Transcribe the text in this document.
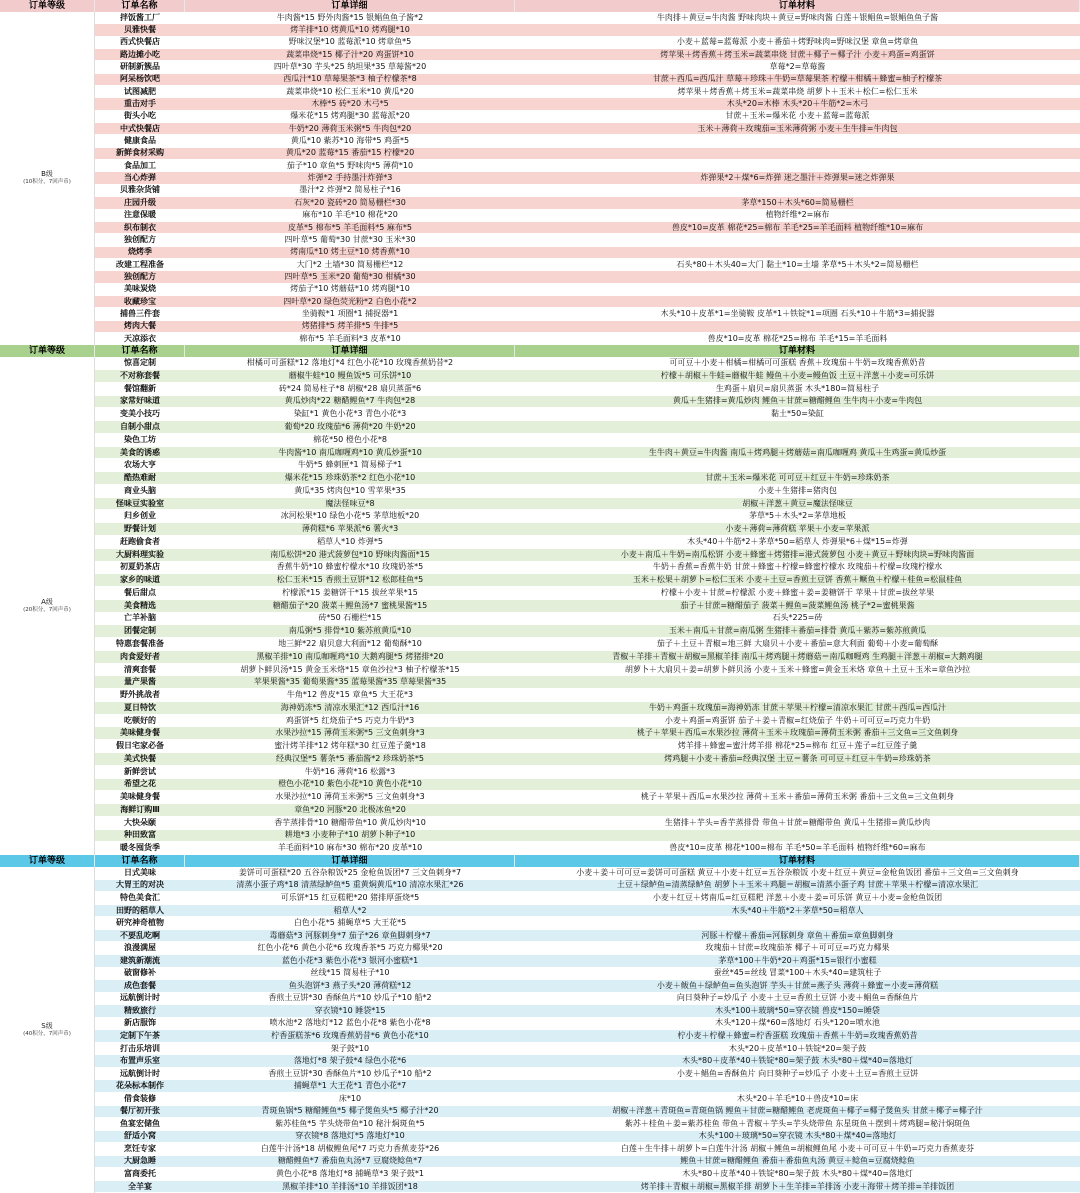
订单等级	订单名称	订单详细	订单材料
B级
(10积分，7回声币)
拌饭酱工厂	牛肉酱*15 野外肉酱*15 银鲳鱼鱼子酱*2	牛肉排＋黄豆=牛肉酱 野味肉块＋黄豆=野味肉酱 白莲＋银鲳鱼=银鲳鱼鱼子酱
贝雅快餐	烤羊排*10 烤黄瓜*10 烤鸡腿*10
西式快餐店	野味汉堡*10 蓝莓派*10 烤章鱼*5	小麦＋蓝莓=蓝莓派 小麦＋番茄＋烤野味肉=野味汉堡 章鱼=烤章鱼
路边摊小吃	蔬菜串烧*15 椰子汁*20 鸡蛋饼*10	烤苹果＋烤香蕉＋烤玉米=蔬菜串烧 甘蔗＋椰子＝椰子汁 小麦＋鸡蛋=鸡蛋饼
研制新簇品	四叶草*30 芋头*25 纳坦果*35 草莓酱*20	草莓*2=草莓酱
阿呆杨饮吧	西瓜汁*10 草莓果茶*3 柚子柠檬茶*8	甘蔗＋西瓜=西瓜汁 草莓＋珍珠＋牛奶=草莓果茶 柠檬＋柑橘＋蜂蜜=柚子柠檬茶
试图减肥	蔬菜串烧*10 松仁玉米*10 黄瓜*20	烤苹果＋烤香蕉＋烤玉米=蔬菜串烧 胡萝卜＋玉米＋松仁=松仁玉米
重击对手	木棒*5 砖*20 木弓*5	木头*20=木棒 木头*20＋牛筋*2=木弓
街头小吃	爆米花*15 烤鸡腿*30 蓝莓派*20	甘蔗＋玉米=爆米花 小麦＋蓝莓=蓝莓派
中式快餐店	牛奶*20 薄荷玉米粥*5 牛肉包*20	玉米＋薄荷＋玫瑰茄=玉米薄荷粥 小麦＋生牛排=牛肉包
健康食品	黄瓜*10 紫苏*10 海带*5 鸡蛋*5
新鲜食材采购	黄瓜*20 蓝莓*15 番茄*15 柠檬*20
食品加工	茄子*10 章鱼*5 野味肉*5 薄荷*10
当心炸弹	炸弹*2 手持墨汁炸弹*3	炸弹果*2＋煤*6=炸弹 迷之墨汁＋炸弹果=迷之炸弹果
贝雅杂货铺	墨汁*2 炸弹*2 简易柱子*16
庄园升级	石灰*20 瓷砖*20 简易栅栏*30	茅草*150＋木头*60=简易栅栏
注意保暖	麻布*10 羊毛*10 棉花*20	植物纤维*2=麻布
织布制衣	皮革*5 棉布*5 羊毛面料*5 麻布*5	兽皮*10=皮革 棉花*25=棉布 羊毛*25=羊毛面料 植物纤维*10=麻布
独创配方	四叶草*5 葡萄*30 甘蔗*30 玉米*30
烧烤季	烤南瓜*10 烤土豆*10 烤香蕉*10
改建工程准备	大门*2 土墙*30 简易栅栏*12	石头*80＋木头40=大门 黏土*10=土墙 茅草*5＋木头*2=简易栅栏
独创配方	四叶草*5 玉米*20 葡萄*30 柑橘*30
美味炭烧	烤茄子*10 烤蘑菇*10 烤鸡腿*10
收藏珍宝	四叶草*20 绿色荧光粉*2 白色小花*2
捕兽三件套	坐骑鞍*1 项圈*1 捕捉器*1	木头*10＋皮革*1=坐骑鞍 皮革*1＋铁锭*1=项圈 石头*10＋牛筋*3=捕捉器
烤肉大餐	烤猪排*5 烤羊排*5 牛排*5
天凉添衣	棉布*5 羊毛面料*3 皮革*10	兽皮*10=皮革 棉花*25=棉布 羊毛*15=羊毛面料
订单等级	订单名称	订单详细	订单材料
A级
(20积分，7回声币)
惊喜定制	柑橘可可蛋糕*12 落地灯*4 红色小花*10 玫瑰香蕉奶昔*2	可可豆＋小麦＋柑橘=柑橘可可蛋糕 香蕉＋玫瑰茄＋牛奶=玫瑰香蕉奶昔
不对称套餐	蘑椒牛蛙*10 鳗鱼饭*5 可乐饼*10	柠檬＋胡椒＋牛蛙=蘑椒牛蛙 鳗鱼＋小麦=鳗鱼饭 土豆＋洋葱＋小麦=可乐饼
餐馆翻新	砖*24 简易柱子*8 胡椒*28 扇贝蒸蛋*6	生鸡蛋＋扇贝=扇贝蒸蛋 木头*180=简易柱子
家常好味道	黄瓜炒肉*22 糖醋鲤鱼*7 牛肉包*28	黄瓜＋生猪排=黄瓜炒肉 鲤鱼＋甘蔗=糖醋鲤鱼 生牛肉＋小麦=牛肉包
变美小技巧	染缸*1 黄色小花*3 青色小花*3	黏土*50=染缸
自制小甜点	葡萄*20 玫瑰茄*6 薄荷*20 牛奶*20
染色工坊	棉花*50 橙色小花*8
美食的诱惑	牛肉酱*10 南瓜咖喱鸡*10 黄瓜炒蛋*10	生牛肉＋黄豆=牛肉酱 南瓜＋烤鸡腿＋烤蘑菇=南瓜咖喱鸡 黄瓜＋生鸡蛋=黄瓜炒蛋
农场大亨	牛奶*5 蜂刺匣*1 简易梯子*1
酷热难耐	爆米花*15 珍珠奶茶*2 红色小花*10	甘蔗＋玉米=爆米花 可可豆＋红豆＋牛奶=珍珠奶茶
商业头脑	黄瓜*35 烤肉包*10 雪苹果*35	小麦＋生猪排=猪肉包
怪味豆实验室	魔法怪味豆*8	胡椒＋洋葱＋黄豆=魔法怪味豆
归乡创业	冰河松果*10 绿色小花*5 茅草地板*20	茅草*5＋木头*2=茅草地板
野餐计划	薄荷糕*6 苹果派*6 薯火*3	小麦＋薄荷=薄荷糕 苹果＋小麦=苹果派
赶跑偷食者	稻草人*10 炸弹*5	木头*40＋牛筋*2＋茅草*50=稻草人 炸弹果*6＋煤*15=炸弹
大厨料理实验	南瓜松饼*20 港式菠萝包*10 野味肉酱面*15	小麦＋南瓜＋牛奶=南瓜松饼 小麦＋蜂蜜＋烤猪排=港式菠萝包 小麦＋黄豆＋野味肉块=野味肉酱面
初夏奶茶店	香蕉牛奶*10 蜂蜜柠檬水*10 玫瑰奶茶*5	牛奶＋香蕉=香蕉牛奶 甘蔗＋蜂蜜＋柠檬=蜂蜜柠檬水 玫瑰茄＋柠檬=玫瑰柠檬水
家乡的味道	松仁玉米*15 香煎土豆饼*12 松郎桂鱼*5	玉米＋松果＋胡萝卜=松仁玉米 小麦＋土豆=香煎土豆饼 香蕉＋鳜鱼＋柠檬＋桂鱼=松鼠桂鱼
餐后甜点	柠檬派*15 姜糖饼干*15 拔丝苹果*15	柠檬＋小麦＋甘蔗=柠檬派 小麦＋蜂蜜＋姜=姜糖饼干 苹果＋甘蔗=拔丝苹果
美食精选	糖醋茄子*20 菠菜＋鲤鱼汤*7 蜜桃果酱*15	茄子＋甘蔗=糖醋茄子 菠菜＋鲤鱼=菠菜鲤鱼汤 桃子*2=蜜桃果酱
亡羊补脑	砖*50 石栅栏*15	石头*225=砖
团餐定制	南瓜粥*5 排骨*10 紫苏煎黄瓜*10	玉米＋南瓜＋甘蔗=南瓜粥 生猪排＋番茄=排骨 黄瓜＋紫苏=紫苏煎黄瓜
特惠套餐准备	地三鲜*22 扇贝意大利面*12 葡萄酥*10	茄子＋土豆＋青椒=地三鲜 大扇贝＋小麦＋番茄=意大利面 葡萄＋小麦=葡萄酥
肉食爱好者	黑椒羊排*10 南瓜咖喱鸡*10 大鹅鸡腿*5 烤猪排*20	青椒＋羊排＋青椒＋胡椒=黑椒羊排 南瓜＋烤鸡腿＋烤蘑菇＝南瓜咖喱鸡 生鸡腿＋洋葱＋胡椒=大鹅鸡腿
清爽套餐	胡萝卜鲜贝汤*15 黄金玉米烙*15 章鱼沙拉*3 柚子柠檬茶*15	胡萝卜＋大扇贝＋姜=胡萝卜鲜贝汤 小麦＋玉米＋蜂蜜=黄金玉米烙 章鱼＋土豆＋玉米=章鱼沙拉
量产果酱	苹果果酱*35 葡萄果酱*35 蓝莓果酱*35 草莓果酱*35
野外挑战者	牛角*12 兽皮*15 章鱼*5 大王花*3
夏日特饮	海神奶冻*5 清凉水果汇*12 西瓜汁*16	牛奶＋鸡蛋＋玫瑰茄=海神奶冻 甘蔗＋苹果＋柠檬=清凉水果汇 甘蔗＋西瓜=西瓜汁
吃顿好的	鸡蛋饼*5 红烧茄子*5 巧克力牛奶*3	小麦＋鸡蛋=鸡蛋饼 茄子＋姜＋青椒=红烧茄子 牛奶＋可可豆=巧克力牛奶
美味健身餐	水果沙拉*15 薄荷玉米粥*5 三文鱼刺身*3	桃子＋苹果＋西瓜=水果沙拉 薄荷＋玉米＋玫瑰茄=薄荷玉米粥 番茄＋三文鱼=三文鱼刺身
假日宅家必备	蜜汁烤羊排*12 烤年糕*30 红豆莲子羹*18	烤羊排＋蜂蜜=蜜汁烤羊排 棉花*25=棉布 红豆＋莲子=红豆莲子羹
美式快餐	经典汉堡*5 薯条*5 番茄酱*2 珍珠奶茶*5	烤鸡腿＋小麦＋番茄=经典汉堡 土豆＝薯条 可可豆＋红豆＋牛奶=珍珠奶茶
新鲜尝试	牛奶*16 薄荷*16 松露*3
希望之花	橙色小花*10 紫色小花*10 黄色小花*10
美味健身餐	水果沙拉*10 薄荷玉米粥*5 三文鱼刺身*3	桃子＋苹果＋西瓜=水果沙拉 薄荷＋玉米＋番茄=薄荷玉米粥 番茄＋三文鱼=三文鱼刺身
海鲜订购Ⅲ	章鱼*20 河豚*20 北极冰鱼*20
大快朵颐	香芋蒸排骨*10 糖醋带鱼*10 黄瓜炒肉*10	生猪排＋芋头=香芋蒸排骨 带鱼＋甘蔗=糖醋带鱼 黄瓜＋生猪排=黄瓜炒肉
种田致富	耕地*3 小麦种子*10 胡萝卜种子*10
暖冬囤货季	羊毛面料*10 麻布*30 棉布*20 皮革*10	兽皮*10=皮革 棉花*100=棉布 羊毛*50=羊毛面料 植物纤维*60=麻布
订单等级	订单名称	订单详细	订单材料
S级
(40积分，7回声币)
日式美味	姜饼可可蛋糕*20 五谷杂粮饭*25 金枪鱼饭团*7 三文鱼刺身*7	小麦＋姜＋可可豆=姜饼可可蛋糕 黄豆＋小麦＋红豆=五谷杂粮饭 小麦＋红豆＋黄豆=金枪鱼饭团 番茄＋三文鱼=三文鱼刺身
大胃王的对决	清蒸小蛋子鸡*18 清蒸绿鲈鱼*5 重黄焖黄瓜*10 清凉水果汇*26	土豆＋绿鲈鱼=清蒸绿鲈鱼 胡萝卜＋玉米＋鸡腿＝胡椒=清蒸小蛋子鸡 甘蔗＋苹果＋柠檬=清凉水果汇
特色美食汇	可乐饼*15 红豆糕粑*20 猪排厚蛋烧*5	小麦＋红豆＋烤南瓜=红豆糕粑 洋葱＋小麦＋姜=可乐饼 黄豆＋小麦=金枪鱼饭团
田野的稻草人	稻草人*2	木头*40＋牛筋*2＋茅草*50=稻草人
研究神奇植物	白色小花*5 捕蝇草*5 大王花*5
不要乱吃啊	毒蘑菇*3 河豚刺身*7 茄子*26 章鱼脚刺身*7	河豚＋柠檬＋番茄=河豚刺身 章鱼＋番茄=章鱼脚刺身
浪漫满屋	红色小花*6 黄色小花*6 玫瑰香茶*5 巧克力椰果*20	玫瑰茄＋甘蔗=玫瑰茄茶 椰子＋可可豆=巧克力椰果
建筑新潮流	蓝色小花*3 紫色小花*3 银河小蜜糕*1	茅草*100＋牛奶*20＋鸡蛋*15=银行小蜜糕
破窗修补	丝线*15 简易柱子*10	蚕丝*45=丝线 冒菜*100＋木头*40=建筑柱子
成色套餐	鱼头泡饼*3 燕子头*20 薄荷糕*12	小麦＋鲅鱼＋绿鲈鱼=鱼头泡饼 芋头＋甘蔗=燕子头 薄荷＋蜂蜜＝小麦=薄荷糕
远航倒计时	香煎土豆饼*30 香酥鱼片*10 炒瓜子*10 船*2	向日葵种子=炒瓜子 小麦＋土豆=香煎土豆饼 小麦＋鲳鱼=香酥鱼片
精致旅行	穿衣镜*10 睡袋*15	木头*100＋玻璃*50=穿衣镜 兽皮*150=睡袋
新店服饰	喷水池*2 落地灯*12 蓝色小花*8 紫色小花*8	木头*120＋煤*60=落地灯 石头*120=喷水池
定制下午茶	柠香蛋糕茶*6 玫瑰香蕉奶昔*6 黄色小花*10	柠小麦＋柠檬＋蜂蜜=柠香蛋糕 玫瑰茄＋香蕉＋牛奶=玫瑰香蕉奶昔
打击乐培训	架子鼓*10	木头*20＋皮革*10＋铁锭*20=架子鼓
布置声乐室	落地灯*8 架子鼓*4 绿色小花*6	木头*80＋皮革*40＋铁锭*80=架子鼓 木头*80＋煤*40=落地灯
远航倒计时	香煎土豆饼*30 香酥鱼片*10 炒瓜子*10 船*2	小麦＋鲳鱼=香酥鱼片 向日葵种子=炒瓜子 小麦＋土豆=香煎土豆饼
花朵标本制作	捕蝇草*1 大王花*1 青色小花*7
借食装修	床*10	木头*20＋羊毛*10＋兽皮*10=床
餐厅初开张	青斑鱼锅*5 糖醋鲤鱼*5 椰子煲鱼头*5 椰子汁*20	胡椒＋洋葱＋青斑鱼=青斑鱼锅 鲤鱼＋甘蔗=糖醋鲤鱼 老虎斑鱼＋椰子=椰子煲鱼头 甘蔗＋椰子=椰子汁
鱼宴宏储鱼	紫苏桂鱼*5 芋头烧带鱼*10 秘汁焖斑鱼*5	紫苏＋桂鱼＋姜=紫苏桂鱼 带鱼＋青椒＋芋头=芋头烧带鱼 东星斑鱼＋摆到＋烤鸡腿=秘汁焖斑鱼
舒适小窝	穿衣镜*8 落地灯*5 落地灯*10	木头*100＋玻璃*50=穿衣镜 木头*80＋煤*40=落地灯
烹饪专家	白莲牛汁汤*18 胡椒鲤鱼尾*7 巧克力香蕉麦芬*26	白莲＋生牛排＋胡萝卜=白莲牛汁汤 胡椒＋鲤鱼=胡椒鲤鱼尾 小麦＋可可豆＋牛奶=巧克力香蕉麦芬
大厨急睡	糖醋鲤鱼*7 番茄鱼丸汤*7 豆腐烧鲶鱼*7	鲤鱼＋甘蔗=糖醋鲤鱼 番茄＋番茄鱼丸汤 黄豆＋鲶鱼=豆腐烧鲶鱼
富商委托	黄色小花*8 落地灯*8 捕蝇草*3 架子鼓*1	木头*80＋皮革*40＋铁锭*80=架子鼓 木头*80＋煤*40=落地灯
全羊宴	黑椒羊排*10 羊排汤*10 羊排饭团*18	烤羊排＋青椒＋胡椒=黑椒羊排 胡萝卜＋生羊排=羊排汤 小麦＋海带＋烤羊排=羊排饭团
